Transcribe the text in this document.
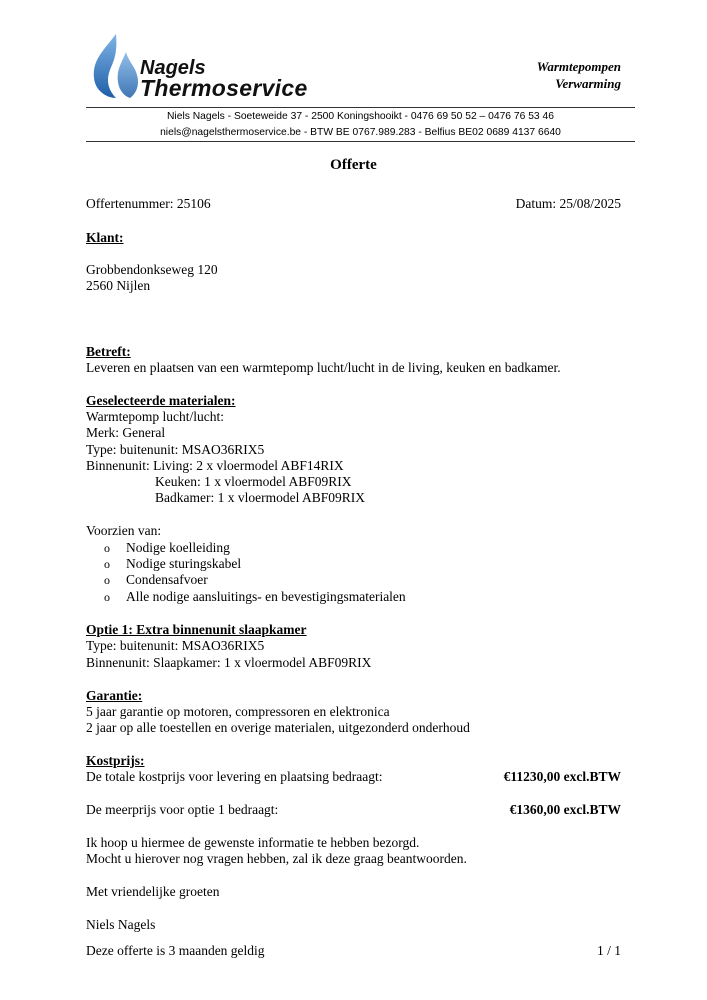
Nagels
Thermoservice
Warmtepompen
Verwarming
Niels Nagels - Soeteweide 37 - 2500 Koningshooikt - 0476 69 50 52 – 0476 76 53 46
niels@nagelsthermoservice.be - BTW BE 0767.989.283 - Belfius BE02 0689 4137 6640
Offerte
Offertenummer: 25106	Datum: 25/08/2025
Klant:
Grobbendonkseweg 120
2560 Nijlen
Betreft:
Leveren en plaatsen van een warmtepomp lucht/lucht in de living, keuken en badkamer.
Geselecteerde materialen:
Warmtepomp lucht/lucht:
Merk: General
Type: buitenunit: MSAO36RIX5
Binnenunit: Living: 2 x vloermodel ABF14RIX
Keuken: 1 x vloermodel ABF09RIX
Badkamer: 1 x vloermodel ABF09RIX
Voorzien van:
o Nodige koelleiding
o Nodige sturingskabel
o Condensafvoer
o Alle nodige aansluitings- en bevestigingsmaterialen
Optie 1: Extra binnenunit slaapkamer
Type: buitenunit: MSAO36RIX5
Binnenunit: Slaapkamer: 1 x vloermodel ABF09RIX
Garantie:
5 jaar garantie op motoren, compressoren en elektronica
2 jaar op alle toestellen en overige materialen, uitgezonderd onderhoud
Kostprijs:
De totale kostprijs voor levering en plaatsing bedraagt:	€11230,00 excl.BTW
De meerprijs voor optie 1 bedraagt:	€1360,00 excl.BTW
Ik hoop u hiermee de gewenste informatie te hebben bezorgd.
Mocht u hierover nog vragen hebben, zal ik deze graag beantwoorden.
Met vriendelijke groeten
Niels Nagels
Deze offerte is 3 maanden geldig	1 / 1
